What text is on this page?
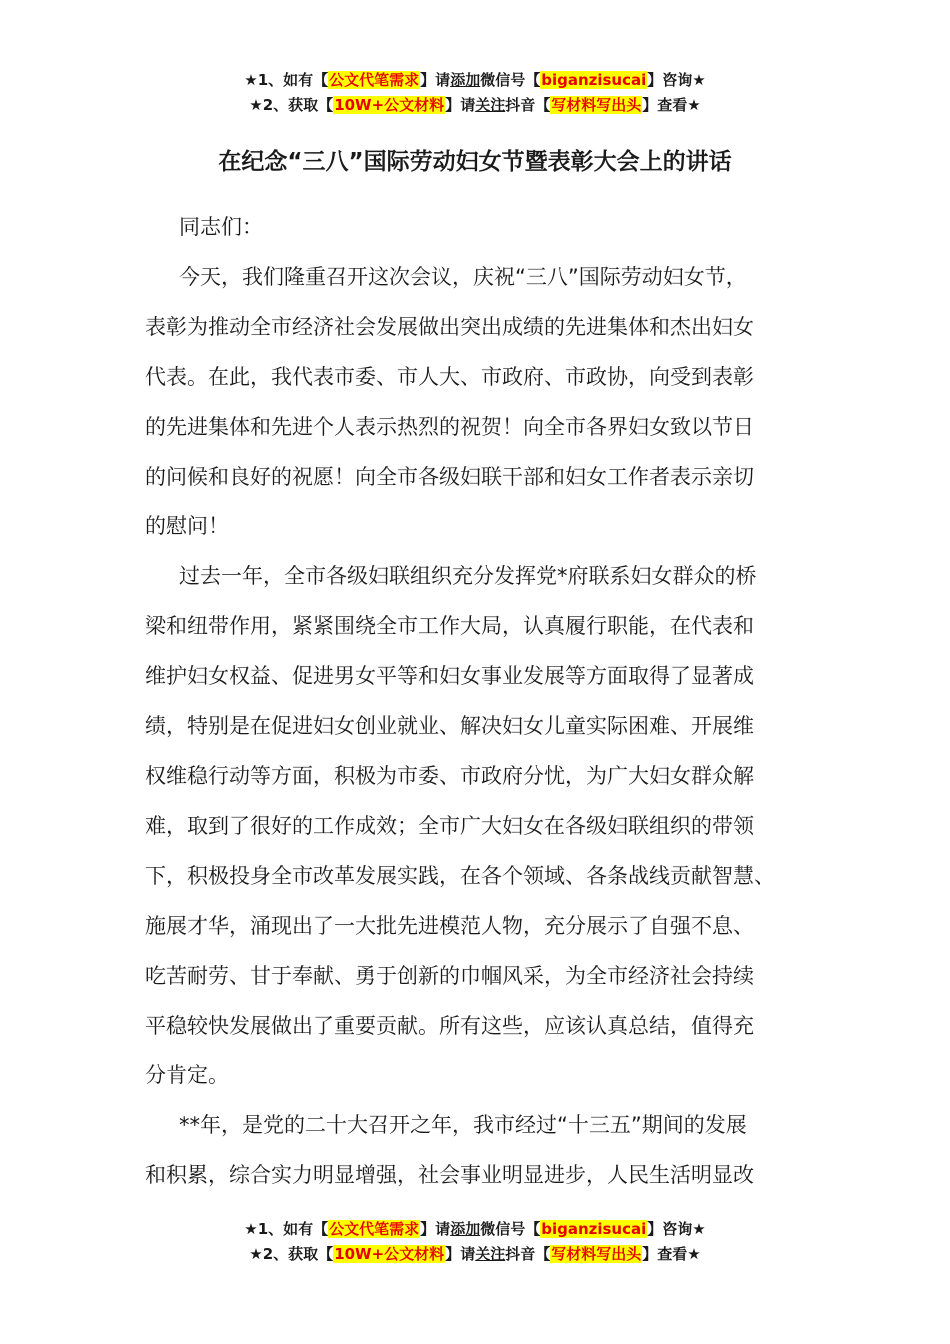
★1、如有【公文代笔需求】请添加微信号【biganzisucai】咨询★
★2、获取【10W+公文材料】请关注抖音【写材料写出头】查看★
在纪念“三八”国际劳动妇女节暨表彰大会上的讲话

同志们：

今天，我们隆重召开这次会议，庆祝“三八”国际劳动妇女节，
表彰为推动全市经济社会发展做出突出成绩的先进集体和杰出妇女
代表。在此，我代表市委、市人大、市政府、市政协，向受到表彰
的先进集体和先进个人表示热烈的祝贺！向全市各界妇女致以节日
的问候和良好的祝愿！向全市各级妇联干部和妇女工作者表示亲切
的慰问！

过去一年，全市各级妇联组织充分发挥党*府联系妇女群众的桥
梁和纽带作用，紧紧围绕全市工作大局，认真履行职能，在代表和
维护妇女权益、促进男女平等和妇女事业发展等方面取得了显著成
绩，特别是在促进妇女创业就业、解决妇女儿童实际困难、开展维
权维稳行动等方面，积极为市委、市政府分忧，为广大妇女群众解
难，取到了很好的工作成效；全市广大妇女在各级妇联组织的带领
下，积极投身全市改革发展实践，在各个领域、各条战线贡献智慧、
施展才华，涌现出了一大批先进模范人物，充分展示了自强不息、
吃苦耐劳、甘于奉献、勇于创新的巾帼风采，为全市经济社会持续
平稳较快发展做出了重要贡献。所有这些，应该认真总结，值得充
分肯定。

**年，是党的二十大召开之年，我市经过“十三五”期间的发展
和积累，综合实力明显增强，社会事业明显进步，人民生活明显改

★1、如有【公文代笔需求】请添加微信号【biganzisucai】咨询★
★2、获取【10W+公文材料】请关注抖音【写材料写出头】查看★
